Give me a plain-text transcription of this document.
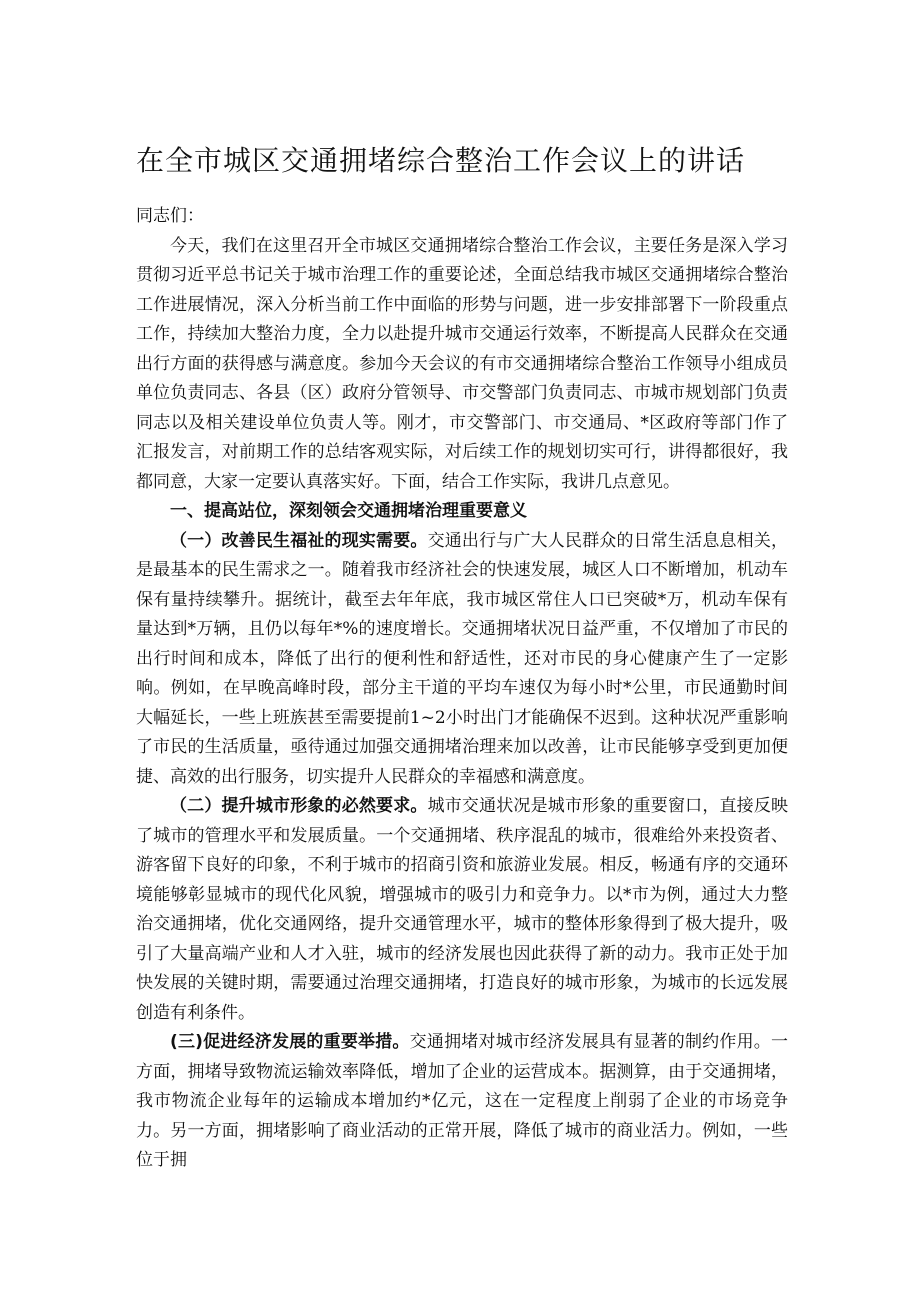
在全市城区交通拥堵综合整治工作会议上的讲话

同志们：

今天，我们在这里召开全市城区交通拥堵综合整治工作会议，主要任务是深入学习贯彻习近平总书记关于城市治理工作的重要论述，全面总结我市城区交通拥堵综合整治工作进展情况，深入分析当前工作中面临的形势与问题，进一步安排部署下一阶段重点工作，持续加大整治力度，全力以赴提升城市交通运行效率，不断提高人民群众在交通出行方面的获得感与满意度。参加今天会议的有市交通拥堵综合整治工作领导小组成员单位负责同志、各县（区）政府分管领导、市交警部门负责同志、市城市规划部门负责同志以及相关建设单位负责人等。刚才，市交警部门、市交通局、*区政府等部门作了汇报发言，对前期工作的总结客观实际，对后续工作的规划切实可行，讲得都很好，我都同意，大家一定要认真落实好。下面，结合工作实际，我讲几点意见。

一、提高站位，深刻领会交通拥堵治理重要意义

（一）改善民生福祉的现实需要。交通出行与广大人民群众的日常生活息息相关，是最基本的民生需求之一。随着我市经济社会的快速发展，城区人口不断增加，机动车保有量持续攀升。据统计，截至去年年底，我市城区常住人口已突破*万，机动车保有量达到*万辆，且仍以每年*%的速度增长。交通拥堵状况日益严重，不仅增加了市民的出行时间和成本，降低了出行的便利性和舒适性，还对市民的身心健康产生了一定影响。例如，在早晚高峰时段，部分主干道的平均车速仅为每小时*公里，市民通勤时间大幅延长，一些上班族甚至需要提前1~2小时出门才能确保不迟到。这种状况严重影响了市民的生活质量，亟待通过加强交通拥堵治理来加以改善，让市民能够享受到更加便捷、高效的出行服务，切实提升人民群众的幸福感和满意度。

（二）提升城市形象的必然要求。城市交通状况是城市形象的重要窗口，直接反映了城市的管理水平和发展质量。一个交通拥堵、秩序混乱的城市，很难给外来投资者、游客留下良好的印象，不利于城市的招商引资和旅游业发展。相反，畅通有序的交通环境能够彰显城市的现代化风貌，增强城市的吸引力和竞争力。以*市为例，通过大力整治交通拥堵，优化交通网络，提升交通管理水平，城市的整体形象得到了极大提升，吸引了大量高端产业和人才入驻，城市的经济发展也因此获得了新的动力。我市正处于加快发展的关键时期，需要通过治理交通拥堵，打造良好的城市形象，为城市的长远发展创造有利条件。

(三)促进经济发展的重要举措。交通拥堵对城市经济发展具有显著的制约作用。一方面，拥堵导致物流运输效率降低，增加了企业的运营成本。据测算，由于交通拥堵，我市物流企业每年的运输成本增加约*亿元，这在一定程度上削弱了企业的市场竞争力。另一方面，拥堵影响了商业活动的正常开展，降低了城市的商业活力。例如，一些位于拥
